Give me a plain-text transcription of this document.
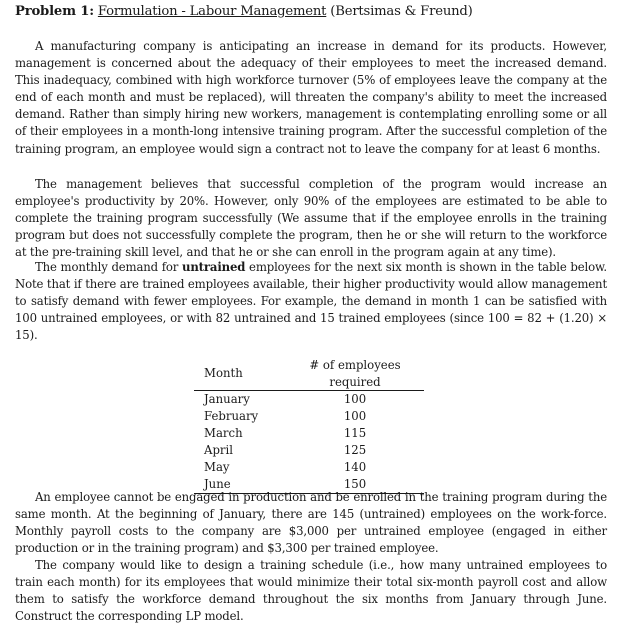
Problem 1: Formulation - Labour Management (Bertsimas & Freund)

A manufacturing company is anticipating an increase in demand for its products. However, management is concerned about the adequacy of their employees to meet the increased demand. This inadequacy, combined with high workforce turnover (5% of employees leave the company at the end of each month and must be replaced), will threaten the company's ability to meet the increased demand. Rather than simply hiring new workers, management is contemplating enrolling some or all of their employees in a month-long intensive training program. After the successful completion of the training program, an employee would sign a contract not to leave the company for at least 6 months.

The management believes that successful completion of the program would increase an employee's productivity by 20%. However, only 90% of the employees are estimated to be able to complete the training program successfully (We assume that if the employee enrolls in the training program but does not successfully complete the program, then he or she will return to the workforce at the pre-training skill level, and that he or she can enroll in the program again at any time).

The monthly demand for untrained employees for the next six month is shown in the table below. Note that if there are trained employees available, their higher productivity would allow management to satisfy demand with fewer employees. For example, the demand in month 1 can be satisfied with 100 untrained employees, or with 82 untrained and 15 trained employees (since 100 = 82 + (1.20) × 15).

Month	# of employees required
January	100
February	100
March	115
April	125
May	140
June	150

An employee cannot be engaged in production and be enrolled in the training program during the same month. At the beginning of January, there are 145 (untrained) employees on the work-force. Monthly payroll costs to the company are $3,000 per untrained employee (engaged in either production or in the training program) and $3,300 per trained employee.

The company would like to design a training schedule (i.e., how many untrained employees to train each month) for its employees that would minimize their total six-month payroll cost and allow them to satisfy the workforce demand throughout the six months from January through June. Construct the corresponding LP model.
